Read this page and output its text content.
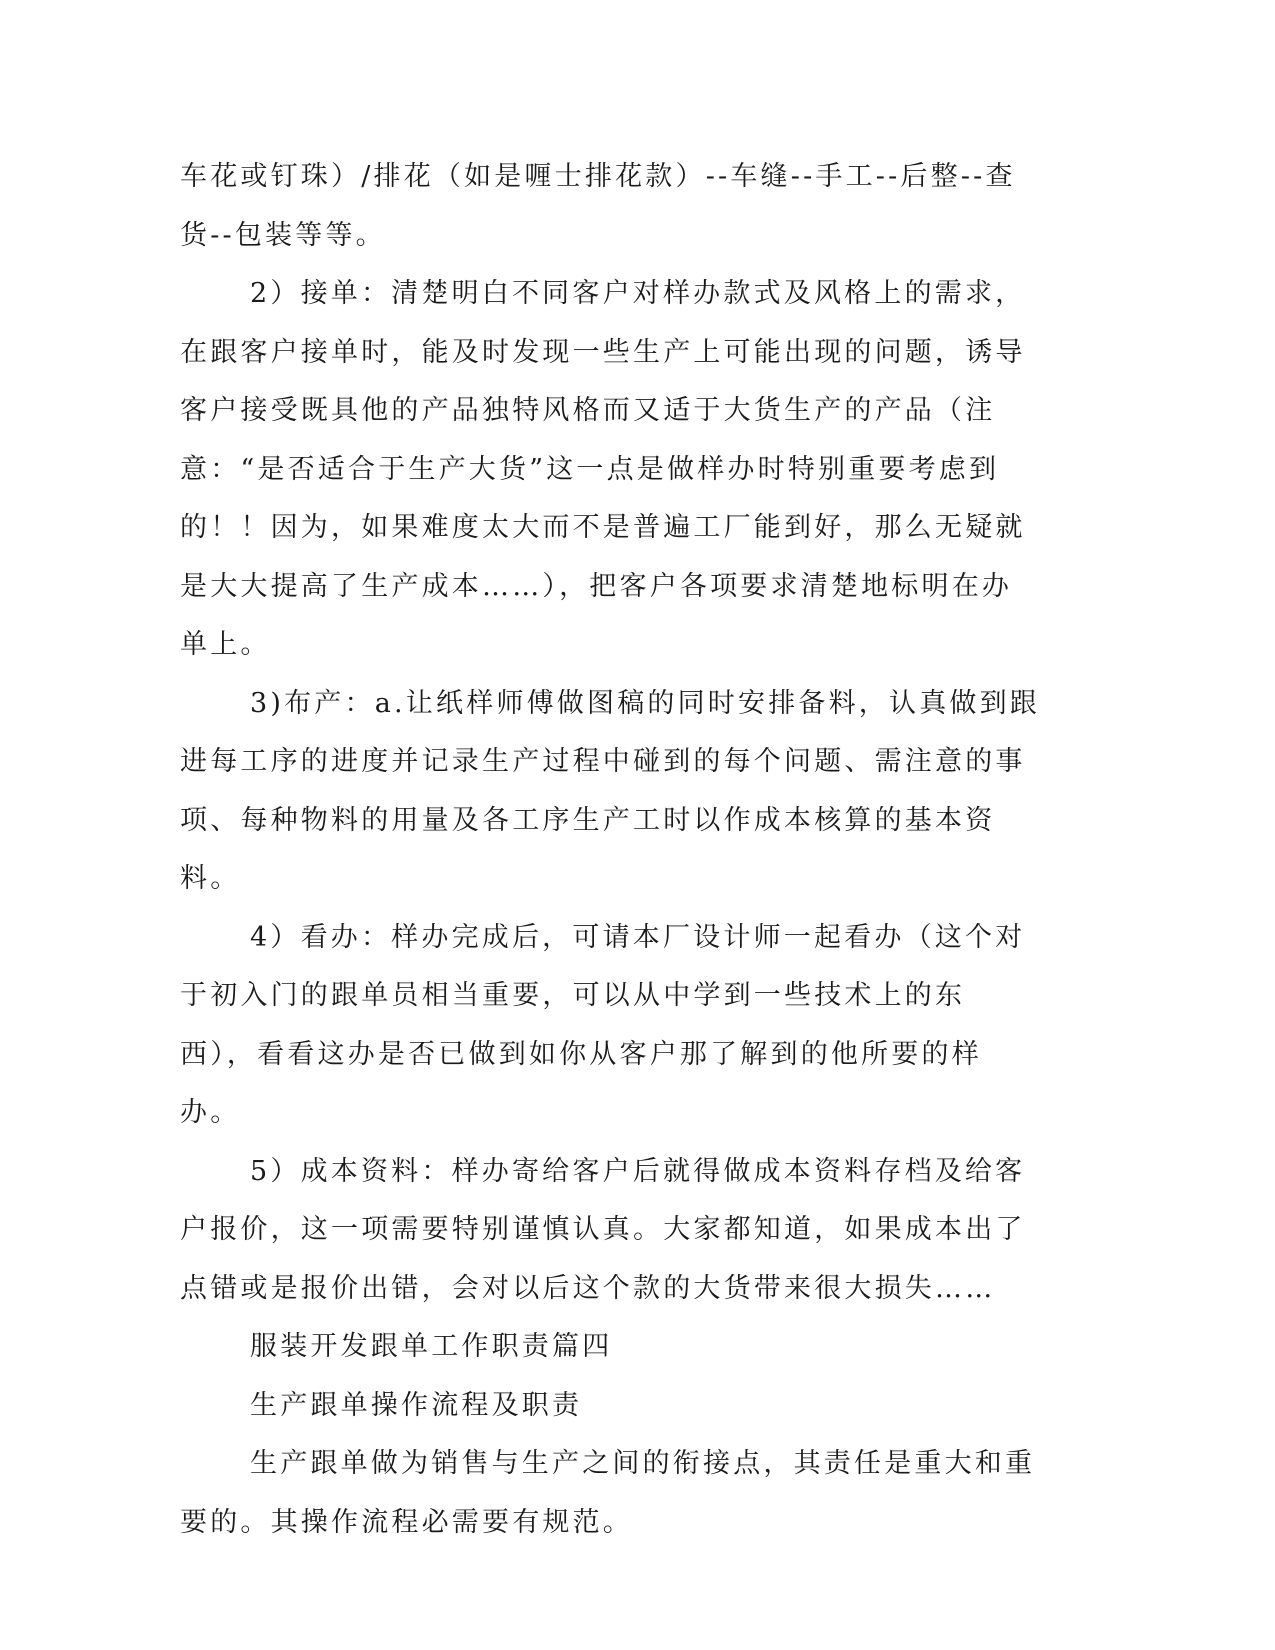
车花或钉珠）/排花（如是喱士排花款）--车缝--手工--后整--查货--包装等等。

2）接单：清楚明白不同客户对样办款式及风格上的需求，在跟客户接单时，能及时发现一些生产上可能出现的问题，诱导客户接受既具他的产品独特风格而又适于大货生产的产品（注意：“是否适合于生产大货”这一点是做样办时特别重要考虑到的！！因为，如果难度太大而不是普遍工厂能到好，那么无疑就是大大提高了生产成本……），把客户各项要求清楚地标明在办单上。

3)布产：a.让纸样师傅做图稿的同时安排备料，认真做到跟进每工序的进度并记录生产过程中碰到的每个问题、需注意的事项、每种物料的用量及各工序生产工时以作成本核算的基本资料。

4）看办：样办完成后，可请本厂设计师一起看办（这个对于初入门的跟单员相当重要，可以从中学到一些技术上的东西），看看这办是否已做到如你从客户那了解到的他所要的样办。

5）成本资料：样办寄给客户后就得做成本资料存档及给客户报价，这一项需要特别谨慎认真。大家都知道，如果成本出了点错或是报价出错，会对以后这个款的大货带来很大损失……

服装开发跟单工作职责篇四

生产跟单操作流程及职责

生产跟单做为销售与生产之间的衔接点，其责任是重大和重要的。其操作流程必需要有规范。
